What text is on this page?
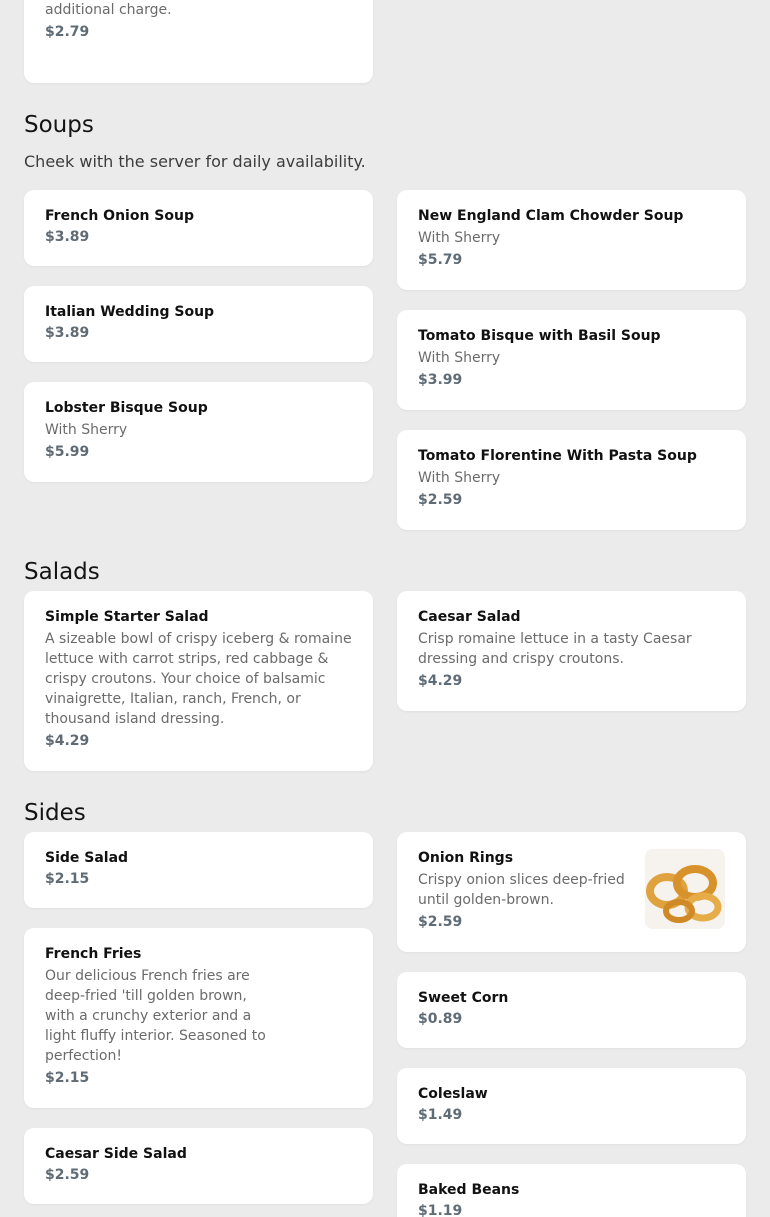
additional charge.

$2.79

Soups

Cheek with the server for daily availability.

French Onion Soup

$3.89

New England Clam Chowder Soup

With Sherry

$5.79

Italian Wedding Soup

$3.89	Tomato Bisque with Basil Soup

With Sherry

$3.99

Lobster Bisque Soup

With Sherry

$5.99	Tomato Florentine With Pasta Soup

With Sherry

$2.59

Salads

Simple Starter Salad

A sizeable bowl of crispy iceberg & romaine lettuce with carrot strips, red cabbage & crispy croutons. Your choice of balsamic vinaigrette, Italian, ranch, French, or thousand island dressing.

$4.29

Caesar Salad

Crisp romaine lettuce in a tasty Caesar dressing and crispy croutons.

$4.29

Sides

Side Salad

$2.15

Onion Rings

Crispy onion slices deep-fried until golden-brown.

$2.59

French Fries

Our delicious French fries are deep-fried 'till golden brown, with a crunchy exterior and a light fluffy interior. Seasoned to perfection!

$2.15

Sweet Corn

$0.89

Coleslaw

$1.49

Caesar Side Salad

$2.59

Baked Beans

$1.19
